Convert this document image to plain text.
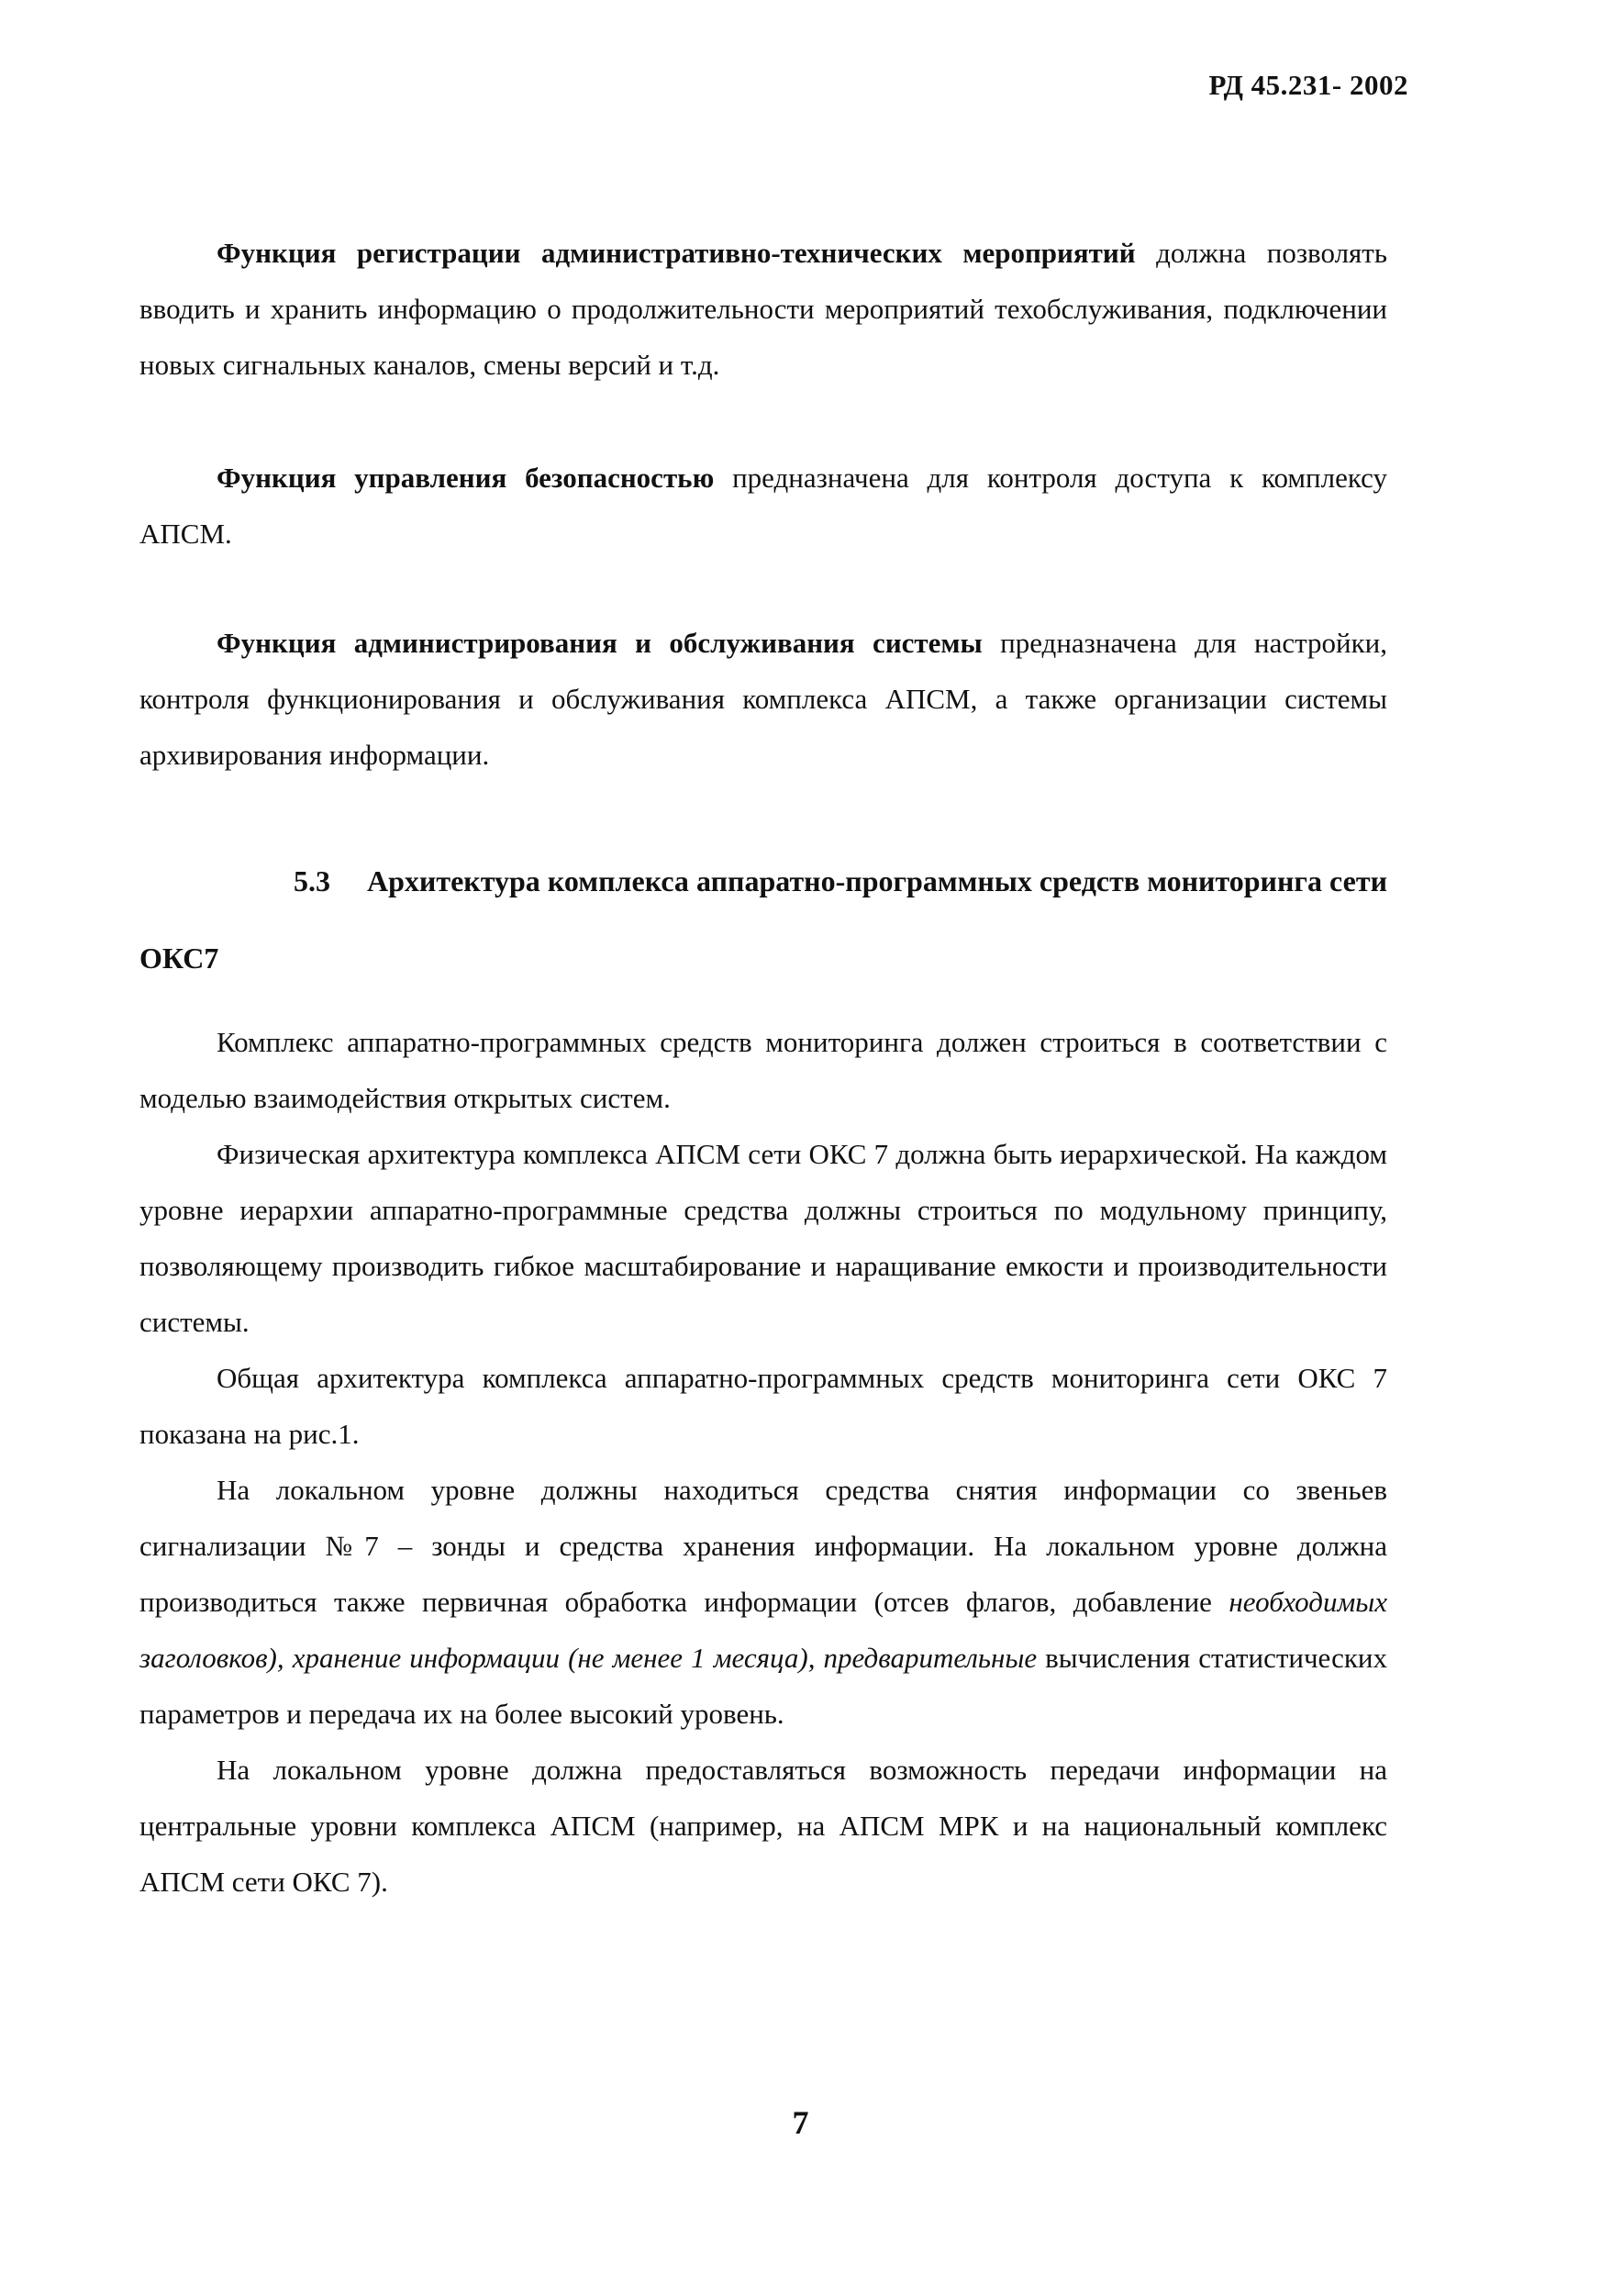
РД 45.231- 2002

Функция регистрации административно-технических мероприятий должна позволять вводить и хранить информацию о продолжительности мероприятий техобслуживания, подключении новых сигнальных каналов, смены версий и т.д.

Функция управления безопасностью предназначена для контроля доступа к комплексу АПСМ.

Функция администрирования и обслуживания системы предназначена для настройки, контроля функционирования и обслуживания комплекса АПСМ, а также организации системы архивирования информации.

5.3 Архитектура комплекса аппаратно-программных средств мониторинга сети ОКС7

Комплекс аппаратно-программных средств мониторинга должен строиться в соответствии с моделью взаимодействия открытых систем.

Физическая архитектура комплекса АПСМ сети ОКС 7 должна быть иерархической. На каждом уровне иерархии аппаратно-программные средства должны строиться по модульному принципу, позволяющему производить гибкое масштабирование и наращивание емкости и производительности системы.

Общая архитектура комплекса аппаратно-программных средств мониторинга сети ОКС 7 показана на рис.1.

На локальном уровне должны находиться средства снятия информации со звеньев сигнализации №7 – зонды и средства хранения информации. На локальном уровне должна производиться также первичная обработка информации (отсев флагов, добавление необходимых заголовков), хранение информации (не менее 1 месяца), предварительные вычисления статистических параметров и передача их на более высокий уровень.

На локальном уровне должна предоставляться возможность передачи информации на центральные уровни комплекса АПСМ (например, на АПСМ МРК и на национальный комплекс АПСМ сети ОКС 7).

7
